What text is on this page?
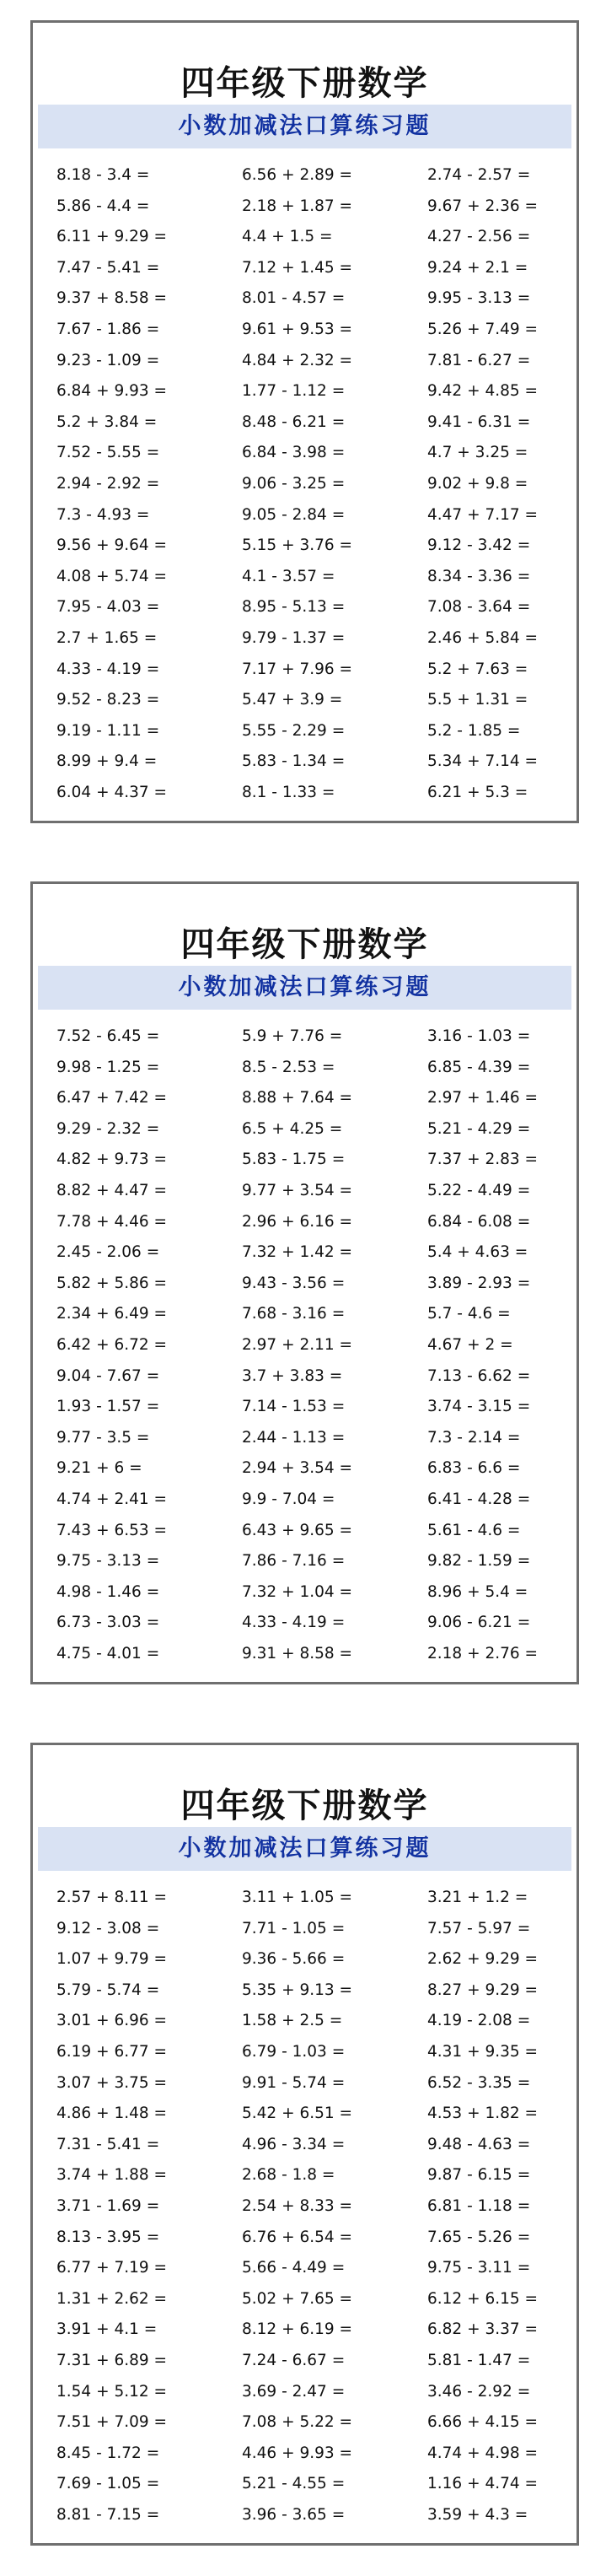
四年级下册数学
小数加减法口算练习题
8.18 - 3.4 =	6.56 + 2.89 =	2.74 - 2.57 =
5.86 - 4.4 =	2.18 + 1.87 =	9.67 + 2.36 =
6.11 + 9.29 =	4.4 + 1.5 =	4.27 - 2.56 =
7.47 - 5.41 =	7.12 + 1.45 =	9.24 + 2.1 =
9.37 + 8.58 =	8.01 - 4.57 =	9.95 - 3.13 =
7.67 - 1.86 =	9.61 + 9.53 =	5.26 + 7.49 =
9.23 - 1.09 =	4.84 + 2.32 =	7.81 - 6.27 =
6.84 + 9.93 =	1.77 - 1.12 =	9.42 + 4.85 =
5.2 + 3.84 =	8.48 - 6.21 =	9.41 - 6.31 =
7.52 - 5.55 =	6.84 - 3.98 =	4.7 + 3.25 =
2.94 - 2.92 =	9.06 - 3.25 =	9.02 + 9.8 =
7.3 - 4.93 =	9.05 - 2.84 =	4.47 + 7.17 =
9.56 + 9.64 =	5.15 + 3.76 =	9.12 - 3.42 =
4.08 + 5.74 =	4.1 - 3.57 =	8.34 - 3.36 =
7.95 - 4.03 =	8.95 - 5.13 =	7.08 - 3.64 =
2.7 + 1.65 =	9.79 - 1.37 =	2.46 + 5.84 =
4.33 - 4.19 =	7.17 + 7.96 =	5.2 + 7.63 =
9.52 - 8.23 =	5.47 + 3.9 =	5.5 + 1.31 =
9.19 - 1.11 =	5.55 - 2.29 =	5.2 - 1.85 =
8.99 + 9.4 =	5.83 - 1.34 =	5.34 + 7.14 =
6.04 + 4.37 =	8.1 - 1.33 =	6.21 + 5.3 =
四年级下册数学
小数加减法口算练习题
7.52 - 6.45 =	5.9 + 7.76 =	3.16 - 1.03 =
9.98 - 1.25 =	8.5 - 2.53 =	6.85 - 4.39 =
6.47 + 7.42 =	8.88 + 7.64 =	2.97 + 1.46 =
9.29 - 2.32 =	6.5 + 4.25 =	5.21 - 4.29 =
4.82 + 9.73 =	5.83 - 1.75 =	7.37 + 2.83 =
8.82 + 4.47 =	9.77 + 3.54 =	5.22 - 4.49 =
7.78 + 4.46 =	2.96 + 6.16 =	6.84 - 6.08 =
2.45 - 2.06 =	7.32 + 1.42 =	5.4 + 4.63 =
5.82 + 5.86 =	9.43 - 3.56 =	3.89 - 2.93 =
2.34 + 6.49 =	7.68 - 3.16 =	5.7 - 4.6 =
6.42 + 6.72 =	2.97 + 2.11 =	4.67 + 2 =
9.04 - 7.67 =	3.7 + 3.83 =	7.13 - 6.62 =
1.93 - 1.57 =	7.14 - 1.53 =	3.74 - 3.15 =
9.77 - 3.5 =	2.44 - 1.13 =	7.3 - 2.14 =
9.21 + 6 =	2.94 + 3.54 =	6.83 - 6.6 =
4.74 + 2.41 =	9.9 - 7.04 =	6.41 - 4.28 =
7.43 + 6.53 =	6.43 + 9.65 =	5.61 - 4.6 =
9.75 - 3.13 =	7.86 - 7.16 =	9.82 - 1.59 =
4.98 - 1.46 =	7.32 + 1.04 =	8.96 + 5.4 =
6.73 - 3.03 =	4.33 - 4.19 =	9.06 - 6.21 =
4.75 - 4.01 =	9.31 + 8.58 =	2.18 + 2.76 =
四年级下册数学
小数加减法口算练习题
2.57 + 8.11 =	3.11 + 1.05 =	3.21 + 1.2 =
9.12 - 3.08 =	7.71 - 1.05 =	7.57 - 5.97 =
1.07 + 9.79 =	9.36 - 5.66 =	2.62 + 9.29 =
5.79 - 5.74 =	5.35 + 9.13 =	8.27 + 9.29 =
3.01 + 6.96 =	1.58 + 2.5 =	4.19 - 2.08 =
6.19 + 6.77 =	6.79 - 1.03 =	4.31 + 9.35 =
3.07 + 3.75 =	9.91 - 5.74 =	6.52 - 3.35 =
4.86 + 1.48 =	5.42 + 6.51 =	4.53 + 1.82 =
7.31 - 5.41 =	4.96 - 3.34 =	9.48 - 4.63 =
3.74 + 1.88 =	2.68 - 1.8 =	9.87 - 6.15 =
3.71 - 1.69 =	2.54 + 8.33 =	6.81 - 1.18 =
8.13 - 3.95 =	6.76 + 6.54 =	7.65 - 5.26 =
6.77 + 7.19 =	5.66 - 4.49 =	9.75 - 3.11 =
1.31 + 2.62 =	5.02 + 7.65 =	6.12 + 6.15 =
3.91 + 4.1 =	8.12 + 6.19 =	6.82 + 3.37 =
7.31 + 6.89 =	7.24 - 6.67 =	5.81 - 1.47 =
1.54 + 5.12 =	3.69 - 2.47 =	3.46 - 2.92 =
7.51 + 7.09 =	7.08 + 5.22 =	6.66 + 4.15 =
8.45 - 1.72 =	4.46 + 9.93 =	4.74 + 4.98 =
7.69 - 1.05 =	5.21 - 4.55 =	1.16 + 4.74 =
8.81 - 7.15 =	3.96 - 3.65 =	3.59 + 4.3 =
